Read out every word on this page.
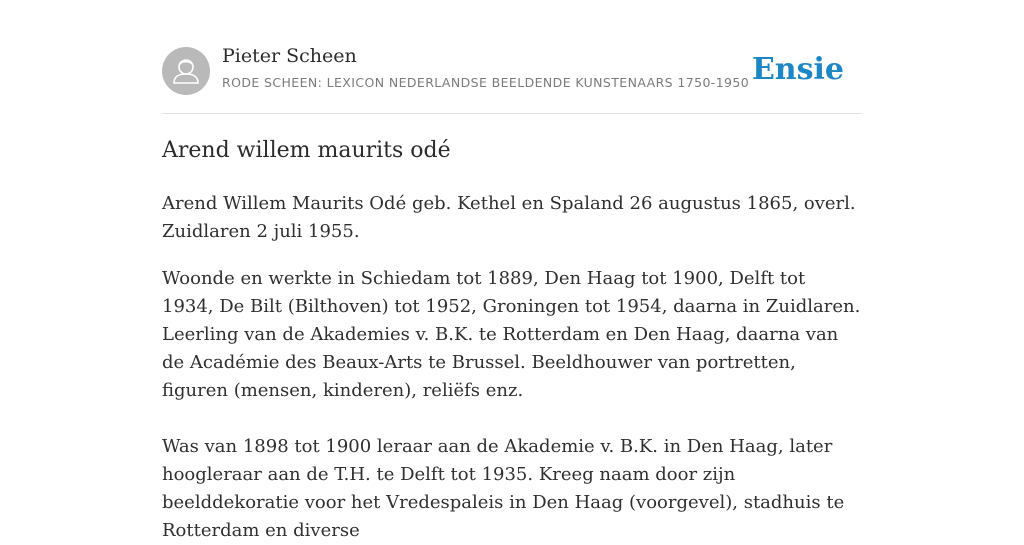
Pieter Scheen
RODE SCHEEN: LEXICON NEDERLANDSE BEELDENDE KUNSTENAARS 1750-1950 Ensie
Arend willem maurits odé

Arend Willem Maurits Odé geb. Kethel en Spaland 26 augustus 1865, overl. Zuidlaren 2 juli 1955.

Woonde en werkte in Schiedam tot 1889, Den Haag tot 1900, Delft tot 1934, De Bilt (Bilthoven) tot 1952, Groningen tot 1954, daarna in Zuidlaren. Leerling van de Akademies v. B.K. te Rotterdam en Den Haag, daarna van de Académie des Beaux-Arts te Brussel. Beeldhouwer van portretten, figuren (mensen, kinderen), reliëfs enz.

Was van 1898 tot 1900 leraar aan de Akademie v. B.K. in Den Haag, later hoogleraar aan de T.H. te Delft tot 1935. Kreeg naam door zijn beelddekoratie voor het Vredespaleis in Den Haag (voorgevel), stadhuis te Rotterdam en diverse
